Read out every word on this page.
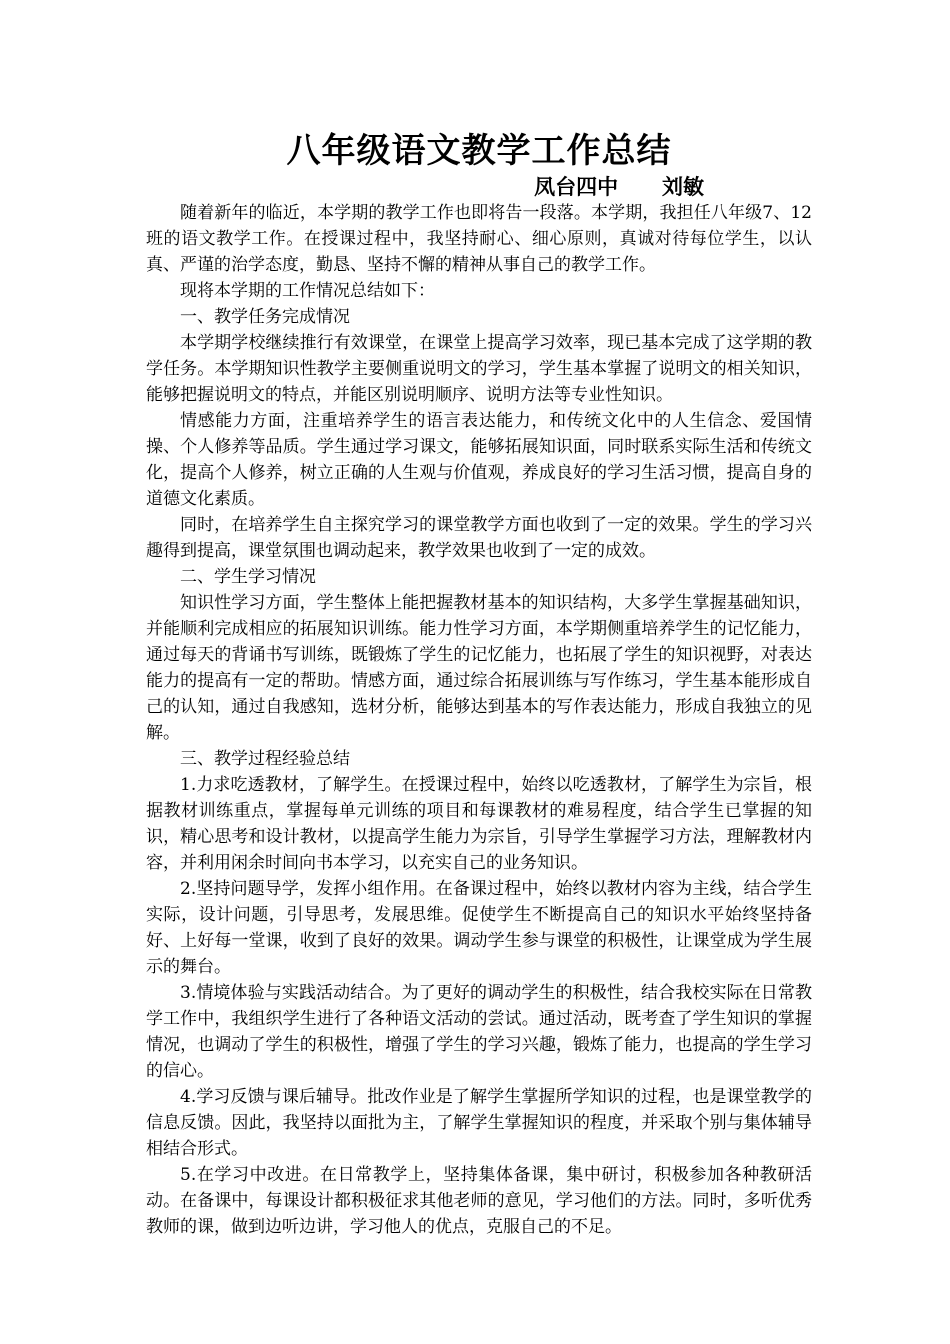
八年级语文教学工作总结
凤台四中      刘敏

随着新年的临近，本学期的教学工作也即将告一段落。本学期，我担任八年级7、12班的语文教学工作。在授课过程中，我坚持耐心、细心原则，真诚对待每位学生，以认真、严谨的治学态度，勤恳、坚持不懈的精神从事自己的教学工作。

现将本学期的工作情况总结如下：

一、教学任务完成情况

本学期学校继续推行有效课堂，在课堂上提高学习效率，现已基本完成了这学期的教学任务。本学期知识性教学主要侧重说明文的学习，学生基本掌握了说明文的相关知识，能够把握说明文的特点，并能区别说明顺序、说明方法等专业性知识。

情感能力方面，注重培养学生的语言表达能力，和传统文化中的人生信念、爱国情操、个人修养等品质。学生通过学习课文，能够拓展知识面，同时联系实际生活和传统文化，提高个人修养，树立正确的人生观与价值观，养成良好的学习生活习惯，提高自身的道德文化素质。

同时，在培养学生自主探究学习的课堂教学方面也收到了一定的效果。学生的学习兴趣得到提高，课堂氛围也调动起来，教学效果也收到了一定的成效。

二、学生学习情况

知识性学习方面，学生整体上能把握教材基本的知识结构，大多学生掌握基础知识，并能顺利完成相应的拓展知识训练。能力性学习方面，本学期侧重培养学生的记忆能力，通过每天的背诵书写训练，既锻炼了学生的记忆能力，也拓展了学生的知识视野，对表达能力的提高有一定的帮助。情感方面，通过综合拓展训练与写作练习，学生基本能形成自己的认知，通过自我感知，选材分析，能够达到基本的写作表达能力，形成自我独立的见解。

三、教学过程经验总结

1.力求吃透教材，了解学生。在授课过程中，始终以吃透教材，了解学生为宗旨，根据教材训练重点，掌握每单元训练的项目和每课教材的难易程度，结合学生已掌握的知识，精心思考和设计教材，以提高学生能力为宗旨，引导学生掌握学习方法，理解教材内容，并利用闲余时间向书本学习，以充实自己的业务知识。

2.坚持问题导学，发挥小组作用。在备课过程中，始终以教材内容为主线，结合学生实际，设计问题，引导思考，发展思维。促使学生不断提高自己的知识水平始终坚持备好、上好每一堂课，收到了良好的效果。调动学生参与课堂的积极性，让课堂成为学生展示的舞台。

3.情境体验与实践活动结合。为了更好的调动学生的积极性，结合我校实际在日常教学工作中，我组织学生进行了各种语文活动的尝试。通过活动，既考查了学生知识的掌握情况，也调动了学生的积极性，增强了学生的学习兴趣，锻炼了能力，也提高的学生学习的信心。

4.学习反馈与课后辅导。批改作业是了解学生掌握所学知识的过程，也是课堂教学的信息反馈。因此，我坚持以面批为主，了解学生掌握知识的程度，并采取个别与集体辅导相结合形式。

5.在学习中改进。在日常教学上，坚持集体备课，集中研讨，积极参加各种教研活动。在备课中，每课设计都积极征求其他老师的意见，学习他们的方法。同时，多听优秀教师的课，做到边听边讲，学习他人的优点，克服自己的不足。
